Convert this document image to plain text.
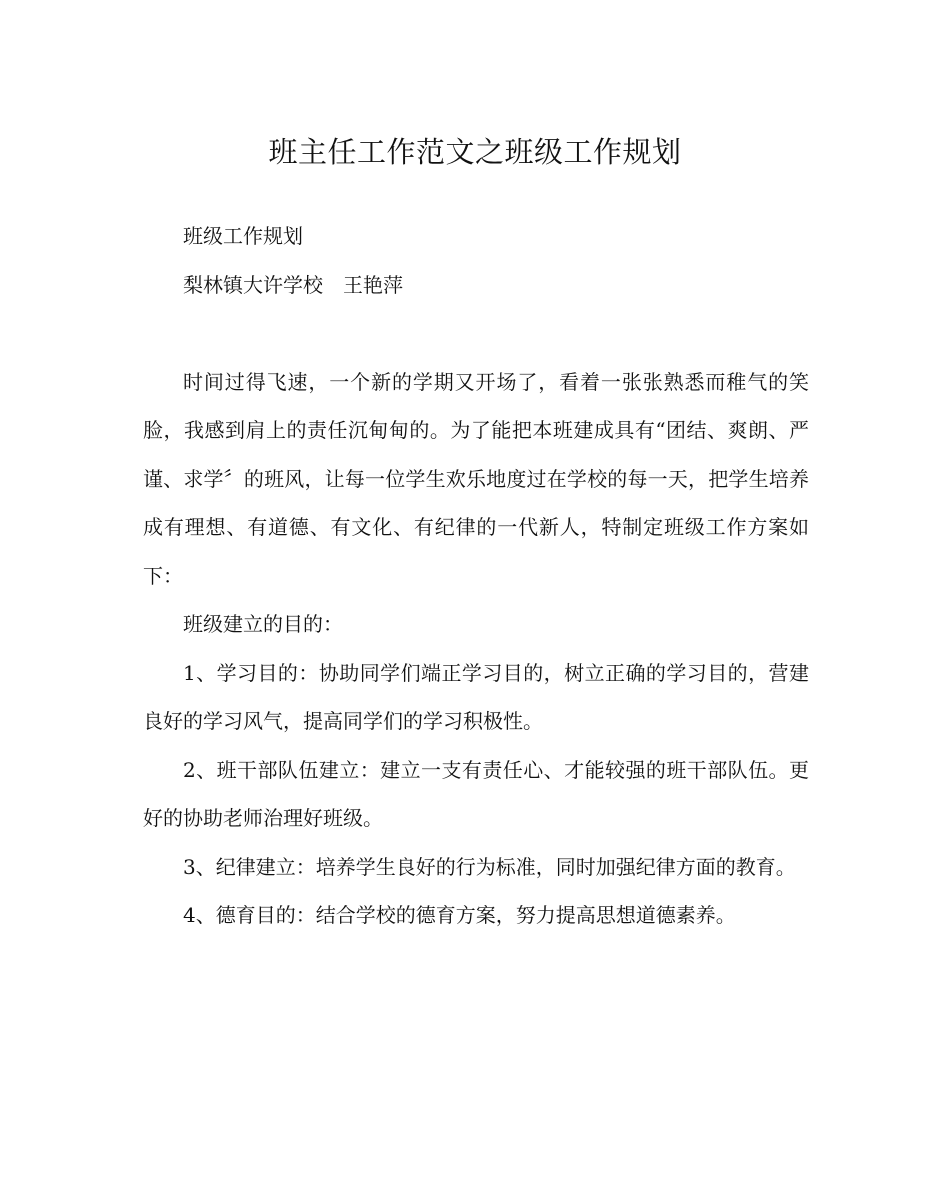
班主任工作范文之班级工作规划

班级工作规划

梨林镇大许学校　王艳萍

时间过得飞速，一个新的学期又开场了，看着一张张熟悉而稚气的笑脸，我感到肩上的责任沉甸甸的。为了能把本班建成具有“团结、爽朗、严谨、求学〞的班风，让每一位学生欢乐地度过在学校的每一天，把学生培养成有理想、有道德、有文化、有纪律的一代新人，特制定班级工作方案如下：

班级建立的目的：

1、学习目的：协助同学们端正学习目的，树立正确的学习目的，营建良好的学习风气，提高同学们的学习积极性。

2、班干部队伍建立：建立一支有责任心、才能较强的班干部队伍。更好的协助老师治理好班级。

3、纪律建立：培养学生良好的行为标准，同时加强纪律方面的教育。

4、德育目的：结合学校的德育方案，努力提高思想道德素养。
